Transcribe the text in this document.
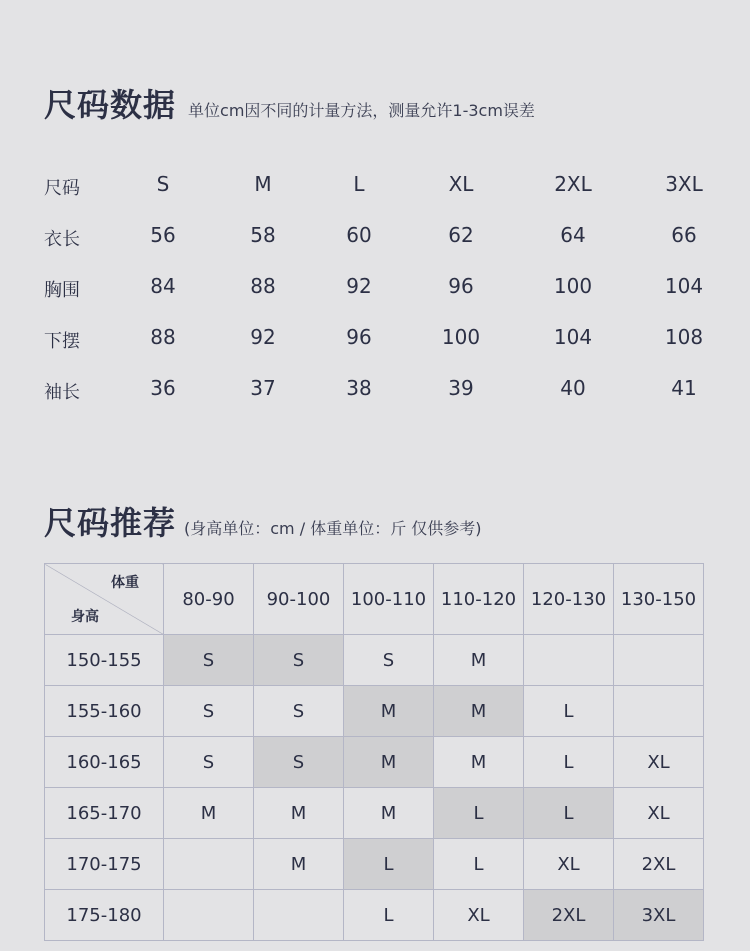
尺码数据 单位cm因不同的计量方法，测量允许1-3cm误差
尺码	S	M	L	XL	2XL	3XL
衣长	56	58	60	62	64	66
胸围	84	88	92	96	100	104
下摆	88	92	96	100	104	108
袖长	36	37	38	39	40	41
尺码推荐 (身高单位：cm / 体重单位：斤 仅供参考)
体重
身高	80-90	90-100	100-110	110-120	120-130	130-150
150-155	S	S	S	M		
155-160	S	S	M	M	L	
160-165	S	S	M	M	L	XL
165-170	M	M	M	L	L	XL
170-175		M	L	L	XL	2XL
175-180			L	XL	2XL	3XL
